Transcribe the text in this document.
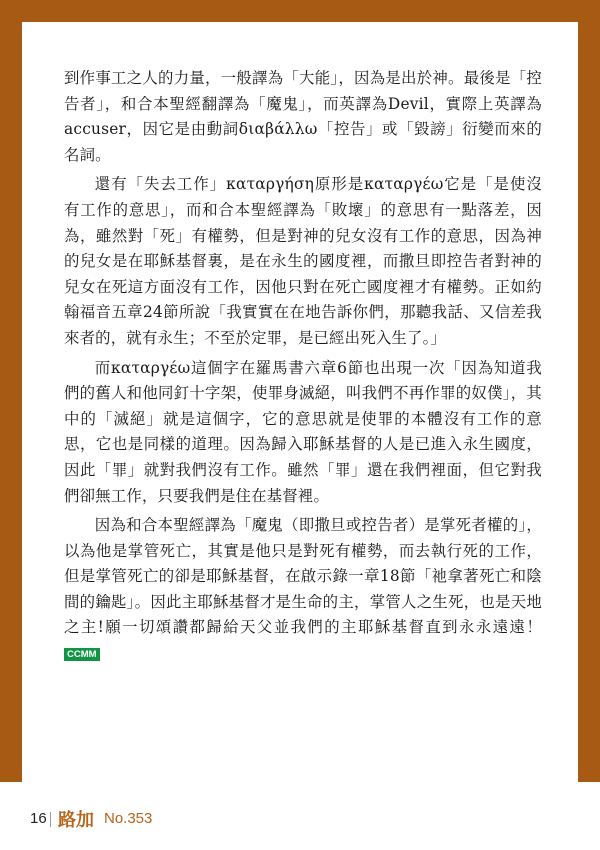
到作事工之人的力量，一般譯為「大能」，因為是出於神。最後是「控告者」，和合本聖經翻譯為「魔鬼」，而英譯為Devil，實際上英譯為accuser，因它是由動詞διαβάλλω「控告」或「毀謗」衍變而來的名詞。

還有「失去工作」καταργήση原形是καταργέω它是「是使沒有工作的意思」，而和合本聖經譯為「敗壞」的意思有一點落差，因為，雖然對「死」有權勢，但是對神的兒女沒有工作的意思，因為神的兒女是在耶穌基督裏，是在永生的國度裡，而撒旦即控告者對神的兒女在死這方面沒有工作，因他只對在死亡國度裡才有權勢。正如約翰福音五章24節所說「我實實在在地告訴你們，那聽我話、又信差我來者的，就有永生；不至於定罪，是已經出死入生了。」

而καταργέω這個字在羅馬書六章6節也出現一次「因為知道我們的舊人和他同釘十字架，使罪身滅絕，叫我們不再作罪的奴僕」，其中的「滅絕」就是這個字，它的意思就是使罪的本體沒有工作的意思，它也是同樣的道理。因為歸入耶穌基督的人是已進入永生國度，因此「罪」就對我們沒有工作。雖然「罪」還在我們裡面，但它對我們卻無工作，只要我們是住在基督裡。

因為和合本聖經譯為「魔鬼（即撒旦或控告者）是掌死者權的」，以為他是掌管死亡，其實是他只是對死有權勢，而去執行死的工作，但是掌管死亡的卻是耶穌基督，在啟示錄一章18節「祂拿著死亡和陰間的鑰匙」。因此主耶穌基督才是生命的主，掌管人之生死，也是天地之主!願一切頌讚都歸給天父並我們的主耶穌基督直到永永遠遠！ CCMM

16 路加 No.353
